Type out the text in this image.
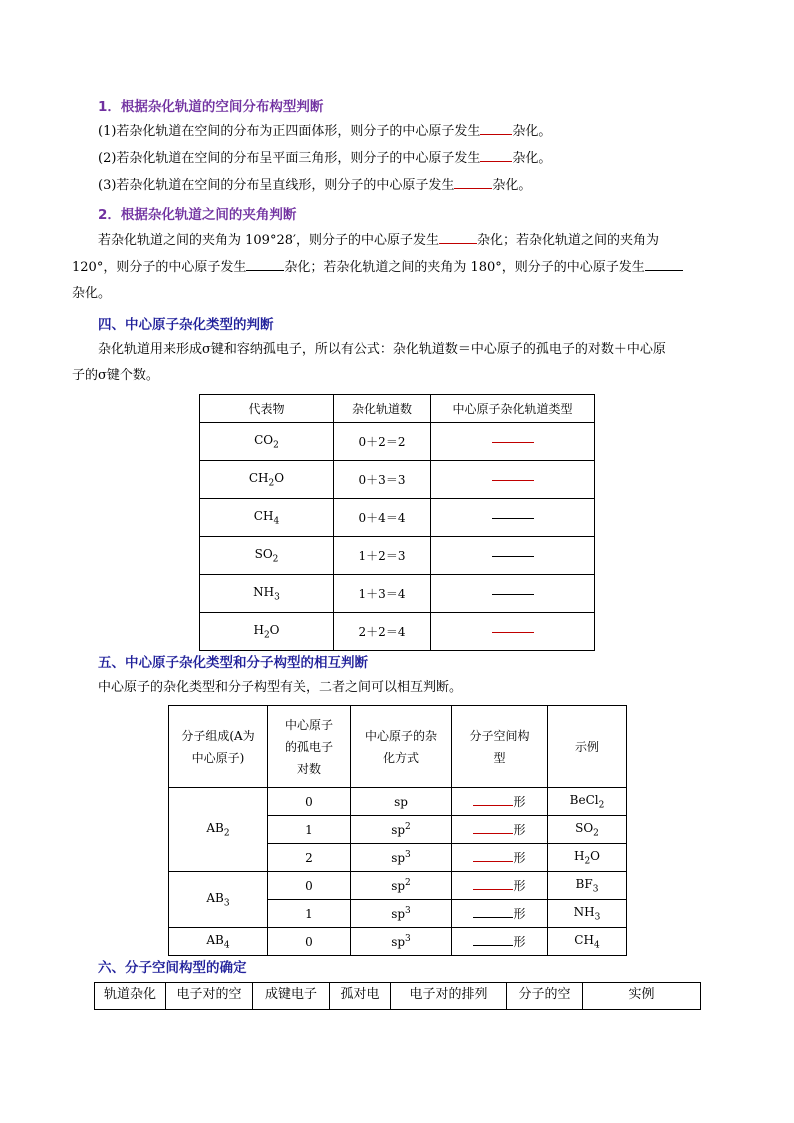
1．根据杂化轨道的空间分布构型判断
(1)若杂化轨道在空间的分布为正四面体形，则分子的中心原子发生 杂化。
(2)若杂化轨道在空间的分布呈平面三角形，则分子的中心原子发生 杂化。
(3)若杂化轨道在空间的分布呈直线形，则分子的中心原子发生	杂化。
2．根据杂化轨道之间的夹角判断
若杂化轨道之间的夹角为 109°28′，则分子的中心原子发生	杂化；若杂化轨道之间的夹角为
120°，则分子的中心原子发生	杂化；若杂化轨道之间的夹角为 180°，则分子的中心原子发生
杂化。
四、中心原子杂化类型的判断
杂化轨道用来形成σ键和容纳孤电子，所以有公式：杂化轨道数＝中心原子的孤电子的对数＋中心原
子的σ键个数。
代表物	杂化轨道数	中心原子杂化轨道类型
$CO_2$	0＋2＝2	
$CH_2O$	0＋3＝3	
$CH_4$	0＋4＝4	
$SO_2$	1＋2＝3	
$NH_3$	1＋3＝4	
$H_2O$	2＋2＝4	
五、中心原子杂化类型和分子构型的相互判断
中心原子的杂化类型和分子构型有关，二者之间可以相互判断。
分子组成(A为
中心原子)	中心原子
的孤电子
对数	中心原子的杂
化方式	分子空间构
型	示例
$AB_2$	0	sp	形	BeCl$_2$
	1	$sp^2$	形	$SO_2$
	2	$sp^3$	形	$H_2O$
$AB_3$	0	$sp^2$	形	$BF_3$
	1	$sp^3$	形	$NH_3$
$AB_4$	0	$sp^3$	形	$CH_4$
六、分子空间构型的确定
轨道杂化	电子对的空	成键电子	孤对电	电子对的排列	分子的空	实例
